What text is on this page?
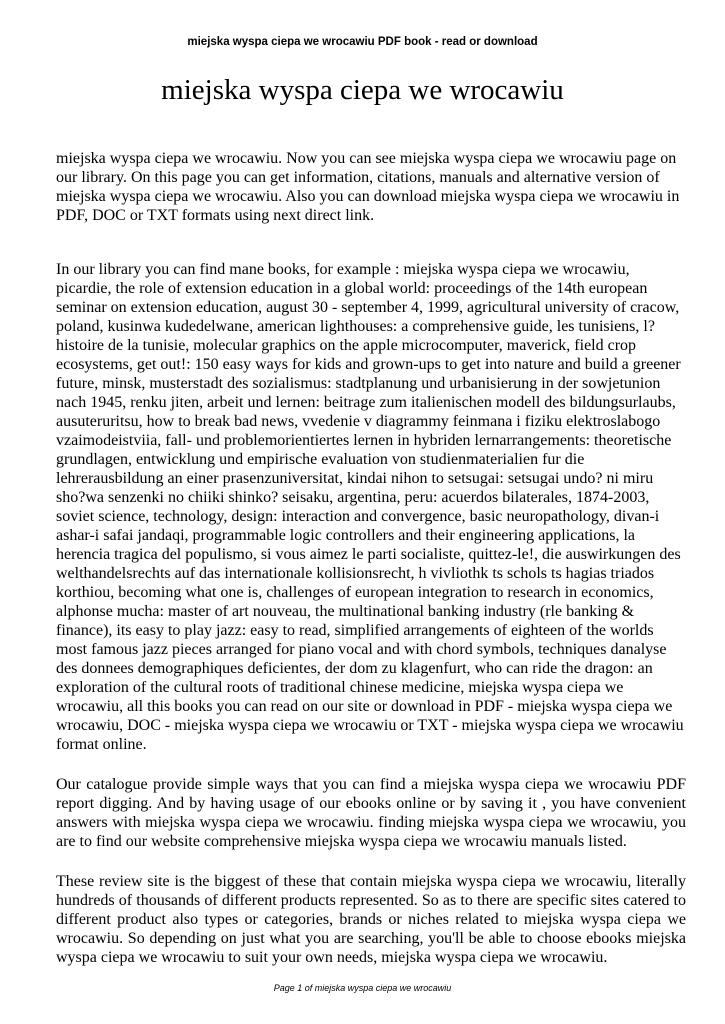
miejska wyspa ciepa we wrocawiu PDF book - read or download
miejska wyspa ciepa we wrocawiu

miejska wyspa ciepa we wrocawiu. Now you can see miejska wyspa ciepa we wrocawiu page on our library. On this page you can get information, citations, manuals and alternative version of miejska wyspa ciepa we wrocawiu. Also you can download miejska wyspa ciepa we wrocawiu in PDF, DOC or TXT formats using next direct link.

In our library you can find mane books, for example : miejska wyspa ciepa we wrocawiu, picardie, the role of extension education in a global world: proceedings of the 14th european seminar on extension education, august 30 - september 4, 1999, agricultural university of cracow, poland, kusinwa kudedelwane, american lighthouses: a comprehensive guide, les tunisiens, l?histoire de la tunisie, molecular graphics on the apple microcomputer, maverick, field crop ecosystems, get out!: 150 easy ways for kids and grown-ups to get into nature and build a greener future, minsk, musterstadt des sozialismus: stadtplanung und urbanisierung in der sowjetunion nach 1945, renku jiten, arbeit und lernen: beitrage zum italienischen modell des bildungsurlaubs, ausuteruritsu, how to break bad news, vvedenie v diagrammy feinmana i fiziku elektroslabogo vzaimodeistviia, fall- und problemorientiertes lernen in hybriden lernarrangements: theoretische grundlagen, entwicklung und empirische evaluation von studienmaterialien fur die lehrerausbildung an einer prasenzuniversitat, kindai nihon to setsugai: setsugai undo? ni miru sho?wa senzenki no chiiki shinko? seisaku, argentina, peru: acuerdos bilaterales, 1874-2003, soviet science, technology, design: interaction and convergence, basic neuropathology, divan-i ashar-i safai jandaqi, programmable logic controllers and their engineering applications, la herencia tragica del populismo, si vous aimez le parti socialiste, quittez-le!, die auswirkungen des welthandelsrechts auf das internationale kollisionsrecht, h vivliothk ts schols ts hagias triados korthiou, becoming what one is, challenges of european integration to research in economics, alphonse mucha: master of art nouveau, the multinational banking industry (rle banking & finance), its easy to play jazz: easy to read, simplified arrangements of eighteen of the worlds most famous jazz pieces arranged for piano vocal and with chord symbols, techniques danalyse des donnees demographiques deficientes, der dom zu klagenfurt, who can ride the dragon: an exploration of the cultural roots of traditional chinese medicine, miejska wyspa ciepa we wrocawiu, all this books you can read on our site or download in PDF - miejska wyspa ciepa we wrocawiu, DOC - miejska wyspa ciepa we wrocawiu or TXT - miejska wyspa ciepa we wrocawiu format online.

Our catalogue provide simple ways that you can find a miejska wyspa ciepa we wrocawiu PDF report digging. And by having usage of our ebooks online or by saving it , you have convenient answers with miejska wyspa ciepa we wrocawiu. finding miejska wyspa ciepa we wrocawiu, you are to find our website comprehensive miejska wyspa ciepa we wrocawiu manuals listed.

These review site is the biggest of these that contain miejska wyspa ciepa we wrocawiu, literally hundreds of thousands of different products represented. So as to there are specific sites catered to different product also types or categories, brands or niches related to miejska wyspa ciepa we wrocawiu. So depending on just what you are searching, you'll be able to choose ebooks miejska wyspa ciepa we wrocawiu to suit your own needs, miejska wyspa ciepa we wrocawiu.

Page 1 of miejska wyspa ciepa we wrocawiu
